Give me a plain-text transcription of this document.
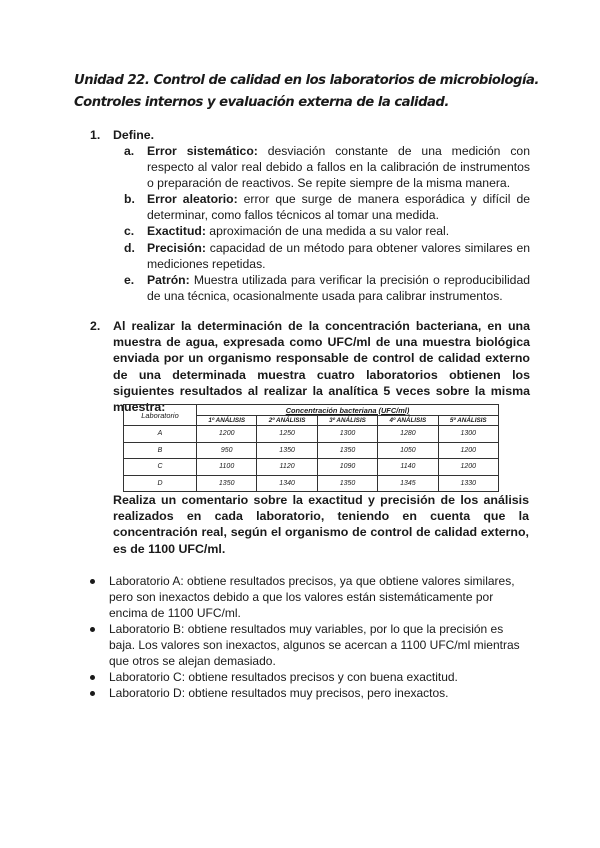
Unidad 22. Control de calidad en los laboratorios de microbiología. Controles internos y evaluación externa de la calidad.
1. Define.
a. Error sistemático: desviación constante de una medición con respecto al valor real debido a fallos en la calibración de instrumentos o preparación de reactivos. Se repite siempre de la misma manera.
b. Error aleatorio: error que surge de manera esporádica y difícil de determinar, como fallos técnicos al tomar una medida.
c. Exactitud: aproximación de una medida a su valor real.
d. Precisión: capacidad de un método para obtener valores similares en mediciones repetidas.
e. Patrón: Muestra utilizada para verificar la precisión o reproducibilidad de una técnica, ocasionalmente usada para calibrar instrumentos.
2. Al realizar la determinación de la concentración bacteriana, en una muestra de agua, expresada como UFC/ml de una muestra biológica enviada por un organismo responsable de control de calidad externo de una determinada muestra cuatro laboratorios obtienen los siguientes resultados al realizar la analítica 5 veces sobre la misma muestra:
Laboratorio	Concentración bacteriana (UFC/ml)				
	1º ANÁLISIS	2º ANÁLISIS	3º ANÁLISIS	4º ANÁLISIS	5º ANÁLISIS
A	1200	1250	1300	1280	1300
B	950	1350	1350	1050	1200
C	1100	1120	1090	1140	1200
D	1350	1340	1350	1345	1330
Realiza un comentario sobre la exactitud y precisión de los análisis realizados en cada laboratorio, teniendo en cuenta que la concentración real, según el organismo de control de calidad externo, es de 1100 UFC/ml.
Laboratorio A: obtiene resultados precisos, ya que obtiene valores similares, pero son inexactos debido a que los valores están sistemáticamente por encima de 1100 UFC/ml.
Laboratorio B: obtiene resultados muy variables, por lo que la precisión es baja. Los valores son inexactos, algunos se acercan a 1100 UFC/ml mientras que otros se alejan demasiado.
Laboratorio C: obtiene resultados precisos y con buena exactitud.
Laboratorio D: obtiene resultados muy precisos, pero inexactos.
